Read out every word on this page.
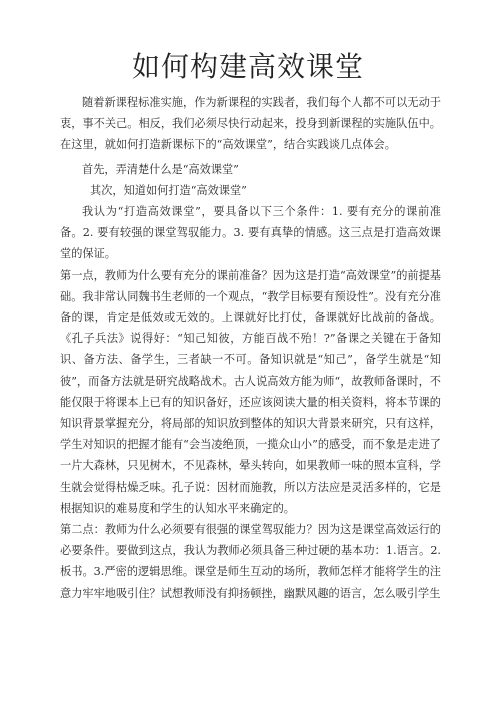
如何构建高效课堂

随着新课程标准实施，作为新课程的实践者，我们每个人都不可以无动于衷，事不关己。相反，我们必须尽快行动起来，投身到新课程的实施队伍中。在这里，就如何打造新课标下的“高效课堂”，结合实践谈几点体会。

首先，弄清楚什么是“高效课堂”

其次，知道如何打造“高效课堂”

我认为“打造高效课堂”，要具备以下三个条件：1. 要有充分的课前准备。2. 要有较强的课堂驾驭能力。3. 要有真挚的情感。这三点是打造高效课堂的保证。

第一点，教师为什么要有充分的课前准备？因为这是打造“高效课堂”的前提基础。我非常认同魏书生老师的一个观点，“教学目标要有预设性”。没有充分准备的课，肯定是低效或无效的。上课就好比打仗，备课就好比战前的备战。《孔子兵法》说得好：“知己知彼，方能百战不殆！?”备课之关键在于备知识、备方法、备学生，三者缺一不可。备知识就是“知己”，备学生就是“知彼”，而备方法就是研究战略战术。古人说高效方能为师“，故教师备课时，不能仅限于将课本上已有的知识备好，还应该阅读大量的相关资料，将本节课的知识背景掌握充分，将局部的知识放到整体的知识大背景来研究，只有这样，学生对知识的把握才能有“会当凌绝顶，一揽众山小”的感受，而不象是走进了一片大森林，只见树木，不见森林，晕头转向，如果教师一味的照本宣科，学生就会觉得枯燥乏味。孔子说：因材而施教，所以方法应是灵活多样的，它是根据知识的难易度和学生的认知水平来确定的。

第二点：教师为什么必须要有很强的课堂驾驭能力？因为这是课堂高效运行的必要条件。要做到这点，我认为教师必须具备三种过硬的基本功：1.语言。2.板书。3.严密的逻辑思维。课堂是师生互动的场所，教师怎样才能将学生的注意力牢牢地吸引住？试想教师没有抑扬顿挫，幽默风趣的语言，怎么吸引学生
